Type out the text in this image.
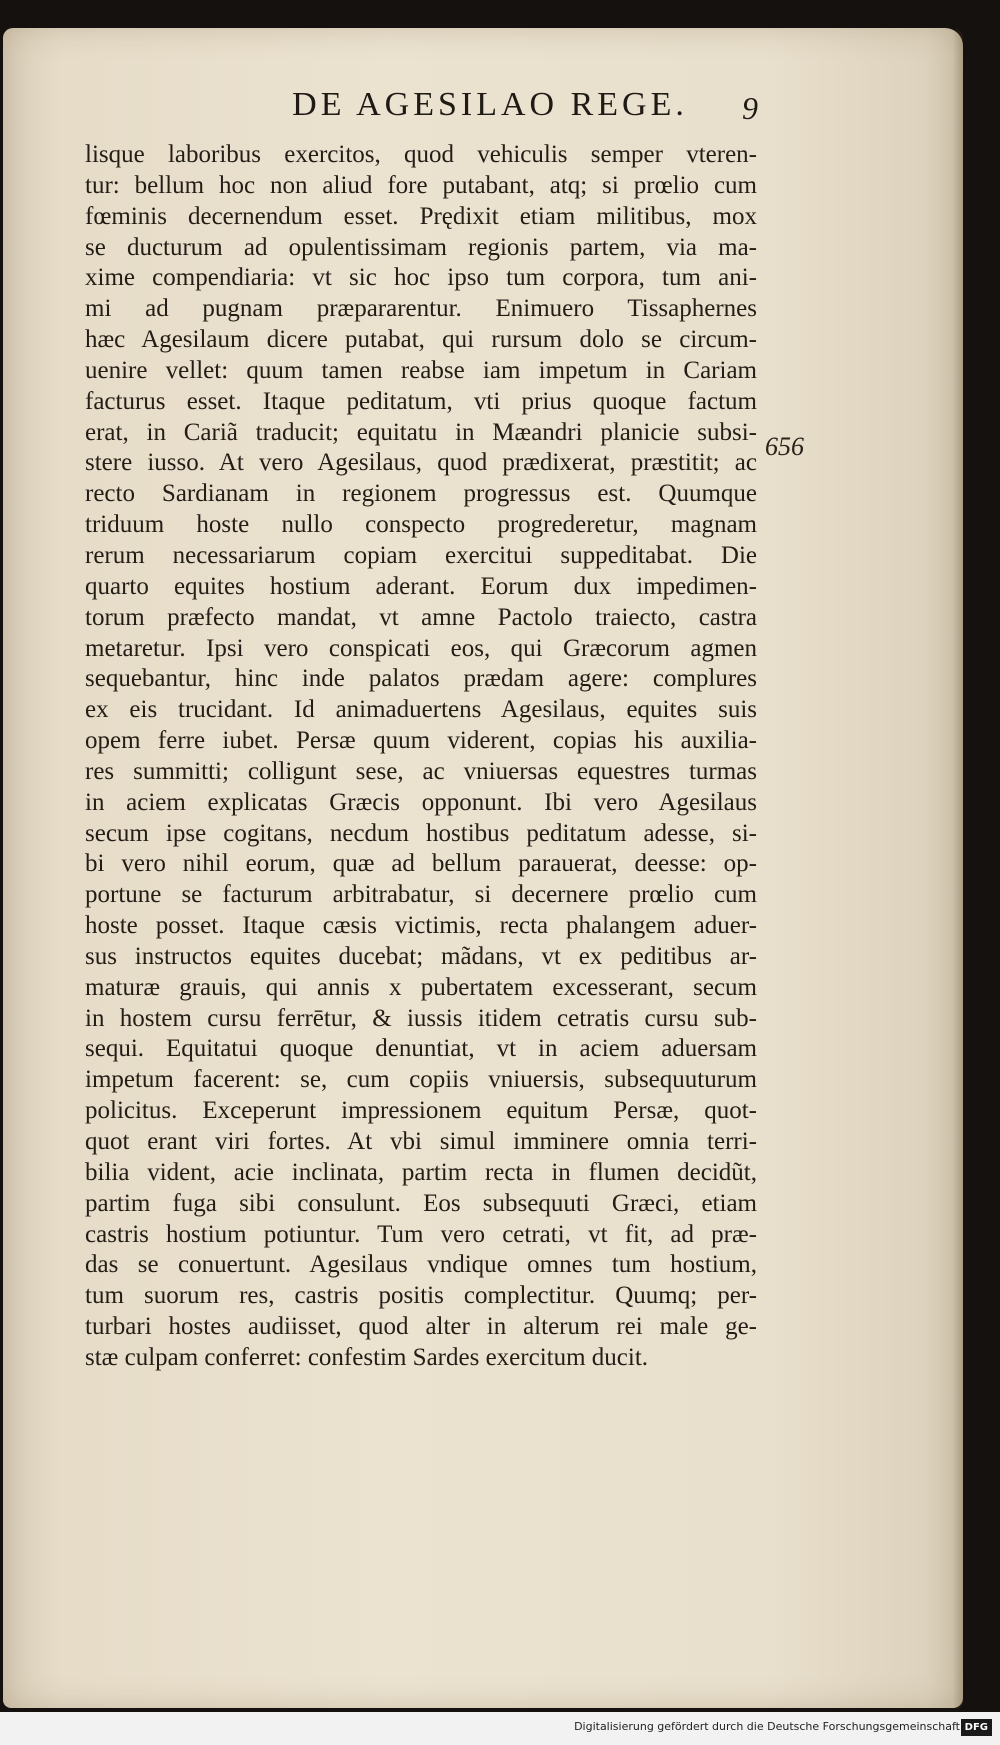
DE AGESILAO REGE.	9
lisque laboribus exercitos, quod vehiculis semper vteren-
tur: bellum hoc non aliud fore putabant, atq; si prœlio cum
fœminis decernendum esset. Prędixit etiam militibus, mox
se ducturum ad opulentissimam regionis partem, via ma-
xime compendiaria: vt sic hoc ipso tum corpora, tum ani-
mi ad pugnam præpararentur. Enimuero Tissaphernes
hæc Agesilaum dicere putabat, qui rursum dolo se circum-
uenire vellet: quum tamen reabse iam impetum in Cariam
facturus esset. Itaque peditatum, vti prius quoque factum
erat, in Cariã traducit; equitatu in Mæandri planicie subsi-
stere iusso. At vero Agesilaus, quod prædixerat, præstitit; ac
recto Sardianam in regionem progressus est. Quumque
triduum hoste nullo conspecto progrederetur, magnam
rerum necessariarum copiam exercitui suppeditabat. Die
quarto equites hostium aderant. Eorum dux impedimen-
torum præfecto mandat, vt amne Pactolo traiecto, castra
metaretur. Ipsi vero conspicati eos, qui Græcorum agmen
sequebantur, hinc inde palatos prædam agere: complures
ex eis trucidant. Id animaduertens Agesilaus, equites suis
opem ferre iubet. Persæ quum viderent, copias his auxilia-
res summitti; colligunt sese, ac vniuersas equestres turmas
in aciem explicatas Græcis opponunt. Ibi vero Agesilaus
secum ipse cogitans, necdum hostibus peditatum adesse, si-
bi vero nihil eorum, quæ ad bellum parauerat, deesse: op-
portune se facturum arbitrabatur, si decernere prœlio cum
hoste posset. Itaque cæsis victimis, recta phalangem aduer-
sus instructos equites ducebat; mãdans, vt ex peditibus ar-
maturæ grauis, qui annis x pubertatem excesserant, secum
in hostem cursu ferrētur, & iussis itidem cetratis cursu sub-
sequi. Equitatui quoque denuntiat, vt in aciem aduersam
impetum facerent: se, cum copiis vniuersis, subsequuturum
policitus. Exceperunt impressionem equitum Persæ, quot-
quot erant viri fortes. At vbi simul imminere omnia terri-
bilia vident, acie inclinata, partim recta in flumen decidũt,
partim fuga sibi consulunt. Eos subsequuti Græci, etiam
castris hostium potiuntur. Tum vero cetrati, vt fit, ad præ-
das se conuertunt. Agesilaus vndique omnes tum hostium,
tum suorum res, castris positis complectitur. Quumq; per-
turbari hostes audiisset, quod alter in alterum rei male ge-
stæ culpam conferret: confestim Sardes exercitum ducit.
656
Digitalisierung gefördert durch die Deutsche Forschungsgemeinschaft DFG
